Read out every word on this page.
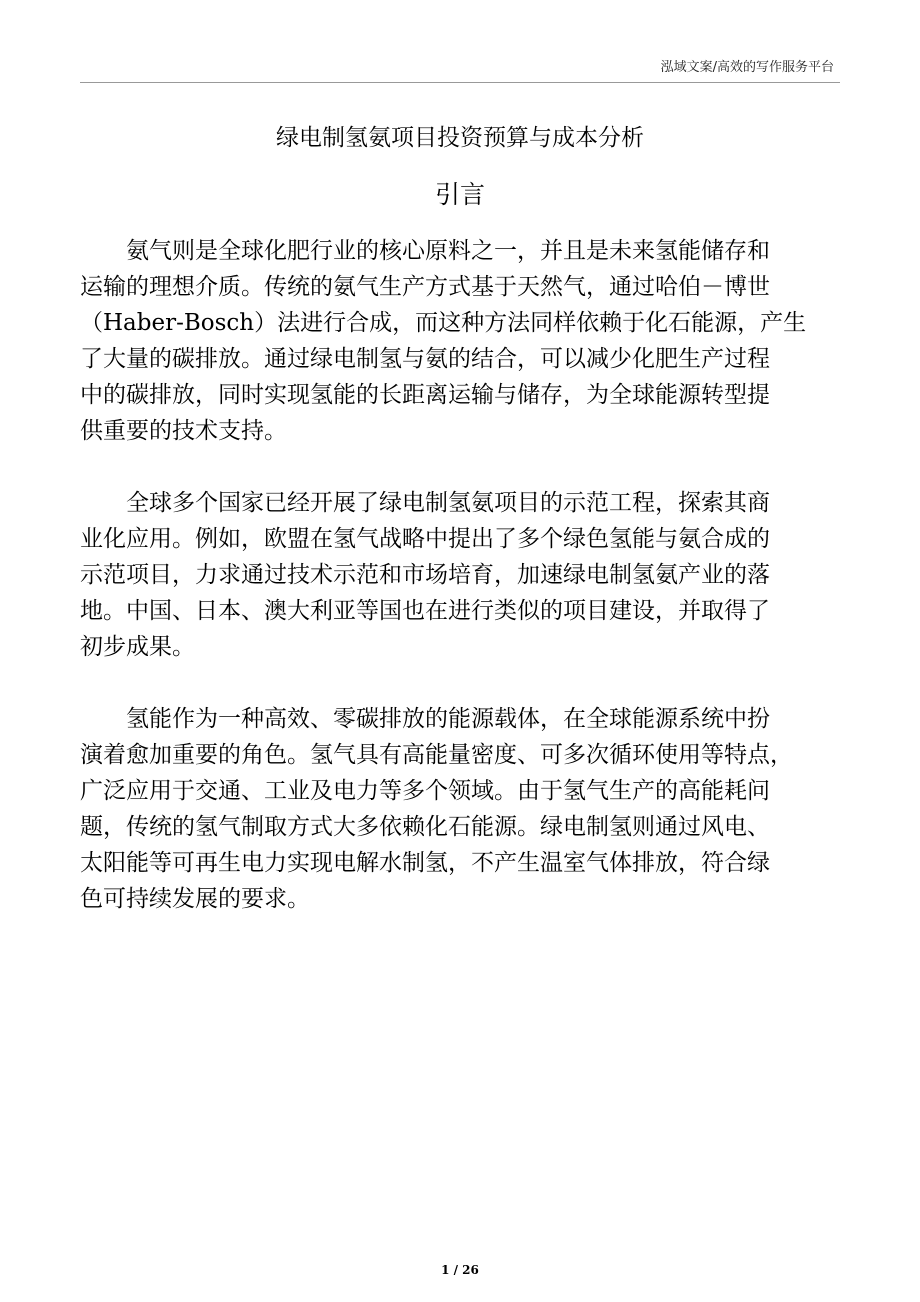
泓域文案/高效的写作服务平台
绿电制氢氨项目投资预算与成本分析
引言

氨气则是全球化肥行业的核心原料之一，并且是未来氢能储存和
运输的理想介质。传统的氨气生产方式基于天然气，通过哈伯－博世
（Haber-Bosch）法进行合成，而这种方法同样依赖于化石能源，产生
了大量的碳排放。通过绿电制氢与氨的结合，可以减少化肥生产过程
中的碳排放，同时实现氢能的长距离运输与储存，为全球能源转型提
供重要的技术支持。

全球多个国家已经开展了绿电制氢氨项目的示范工程，探索其商
业化应用。例如，欧盟在氢气战略中提出了多个绿色氢能与氨合成的
示范项目，力求通过技术示范和市场培育，加速绿电制氢氨产业的落
地。中国、日本、澳大利亚等国也在进行类似的项目建设，并取得了
初步成果。

氢能作为一种高效、零碳排放的能源载体，在全球能源系统中扮
演着愈加重要的角色。氢气具有高能量密度、可多次循环使用等特点，
广泛应用于交通、工业及电力等多个领域。由于氢气生产的高能耗问
题，传统的氢气制取方式大多依赖化石能源。绿电制氢则通过风电、
太阳能等可再生电力实现电解水制氢，不产生温室气体排放，符合绿
色可持续发展的要求。

1 / 26
